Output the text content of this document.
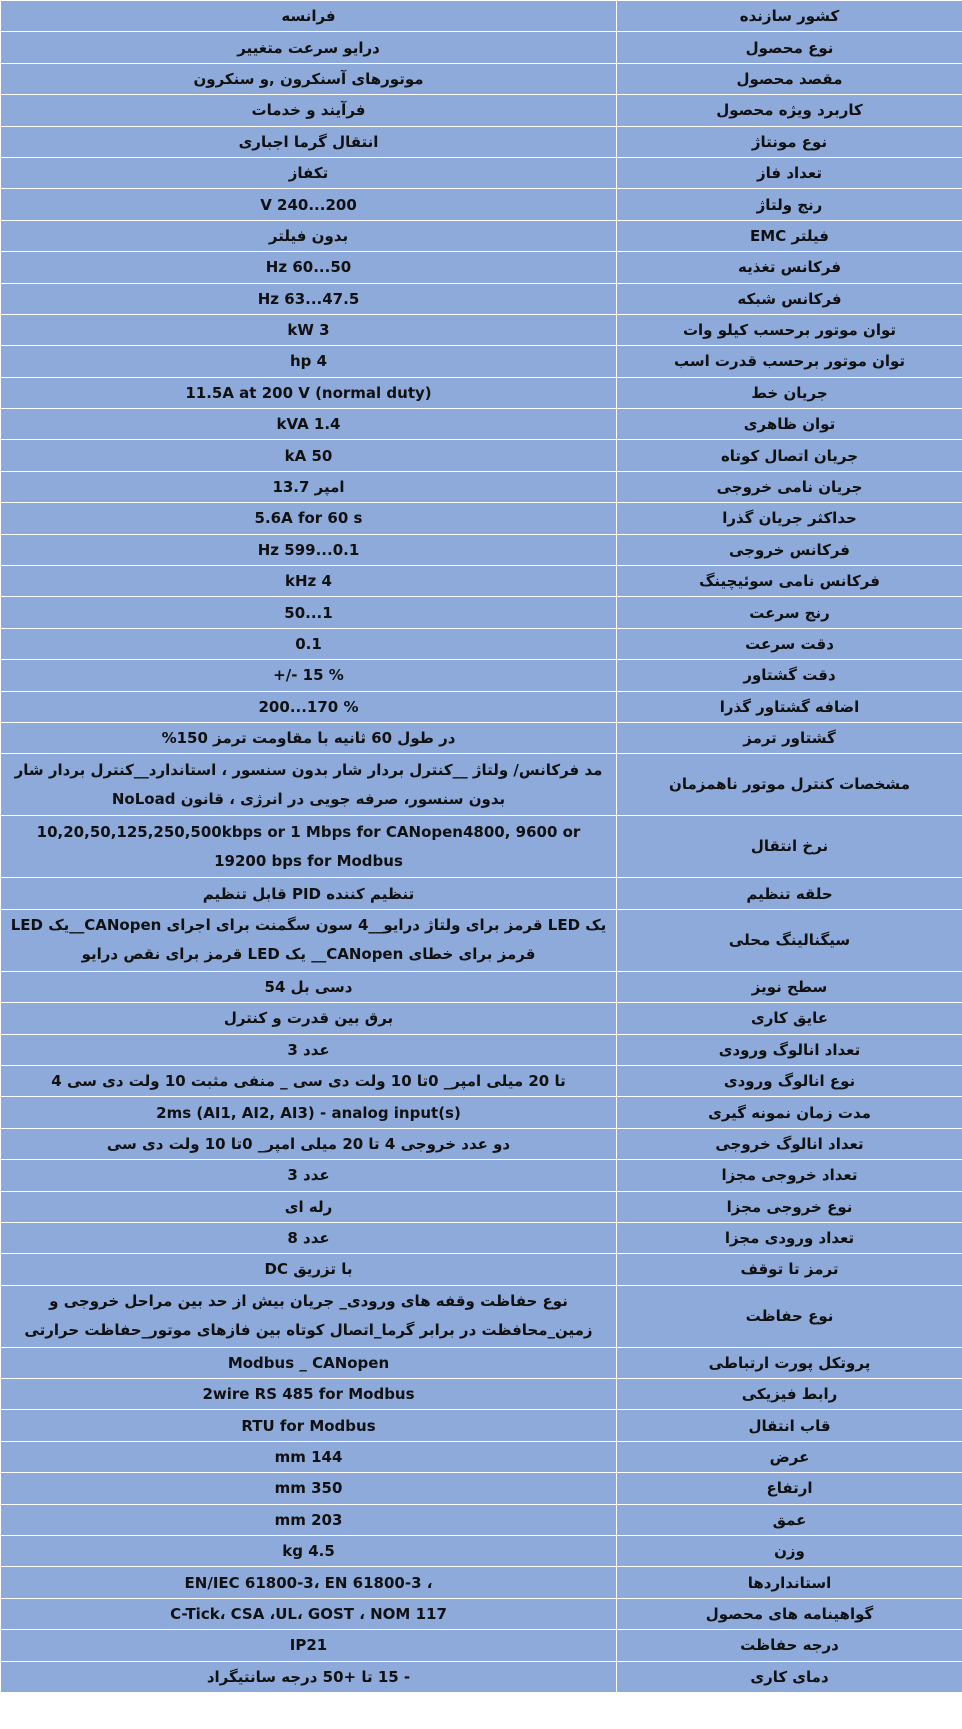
کشور سازنده	فرانسه
نوع محصول	درایو سرعت متغییر
مقصد محصول	موتورهای آسنکرون ,و سنکرون
کاربرد ویژه محصول	فرآیند و خدمات
نوع مونتاژ	انتقال گرما اجباری
تعداد فاز	تکفاز
رنج ولتاژ	200...240 V
فیلتر EMC	بدون فیلتر
فرکانس تغذیه	50...60 Hz
فرکانس شبکه	47.5...63 Hz
توان موتور برحسب کیلو وات	3 kW
توان موتور برحسب قدرت اسب	4 hp
جریان خط	11.5A at 200 V (normal duty)
توان ظاهری	1.4 kVA
جریان اتصال کوتاه	50 kA
جریان نامی خروجی	امپر 13.7
حداکثر جریان گذرا	5.6A for 60 s
فرکانس خروجی	0.1...599 Hz
فرکانس نامی سوئیچینگ	4 kHz
رنج سرعت	1...50
دقت سرعت	0.1
دقت گشتاور	% 15 -/+
اضافه گشتاور گذرا	% 170...200
گشتاور ترمز	در طول 60 ثانیه با مقاومت ترمز 150%
مشخصات کنترل موتور ناهمزمان	مد فرکانس/ ولتاژ __کنترل بردار شار بدون سنسور ، استاندارد__کنترل بردار شار بدون سنسور، صرفه جویی در انرژی ، قانون NoLoad
نرخ انتقال	10,20,50,125,250,500kbps or 1 Mbps for CANopen4800, 9600 or 19200 bps for Modbus
حلقه تنظیم	تنظیم کننده PID قابل تنظیم
سیگنالینگ محلی	یک LED قرمز برای ولتاژ درایو__4 سون سگمنت برای اجرای CANopen__یک LED قرمز برای خطای CANopen__ یک LED قرمز برای نقص درایو
سطح نویز	دسی بل 54
عایق کاری	برق بین قدرت و کنترل
تعداد انالوگ ورودی	عدد 3
نوع انالوگ ورودی	تا 20 میلی امپر_ 0تا 10 ولت دی سی _ منفی مثبت 10 ولت دی سی 4
مدت زمان نمونه گیری	2ms (AI1, AI2, AI3) - analog input(s)
تعداد انالوگ خروجی	دو عدد خروجی 4 تا 20 میلی امپر_ 0تا 10 ولت دی سی
تعداد خروجی مجزا	عدد 3
نوع خروجی مجزا	رله ای
تعداد ورودی مجزا	عدد 8
ترمز تا توقف	با تزریق DC
نوع حفاظت	نوع حفاظت وقفه های ورودی_ جریان بیش از حد بین مراحل خروجی و زمین_محافظت در برابر گرما_اتصال کوتاه بین فازهای موتور_حفاظت حرارتی
پروتکل پورت ارتباطی	Modbus _ CANopen
رابط فیزیکی	2wire RS 485 for Modbus
قاب انتقال	RTU for Modbus
عرض	144 mm
ارتفاع	350 mm
عمق	203 mm
وزن	4.5 kg
استانداردها	، EN/IEC 61800-3، EN 61800-3
گواهینامه های محصول	C-Tick، CSA ،UL، GOST ، NOM 117
درجه حفاظت	IP21
دمای کاری	- 15 تا +50 درجه سانتیگراد
